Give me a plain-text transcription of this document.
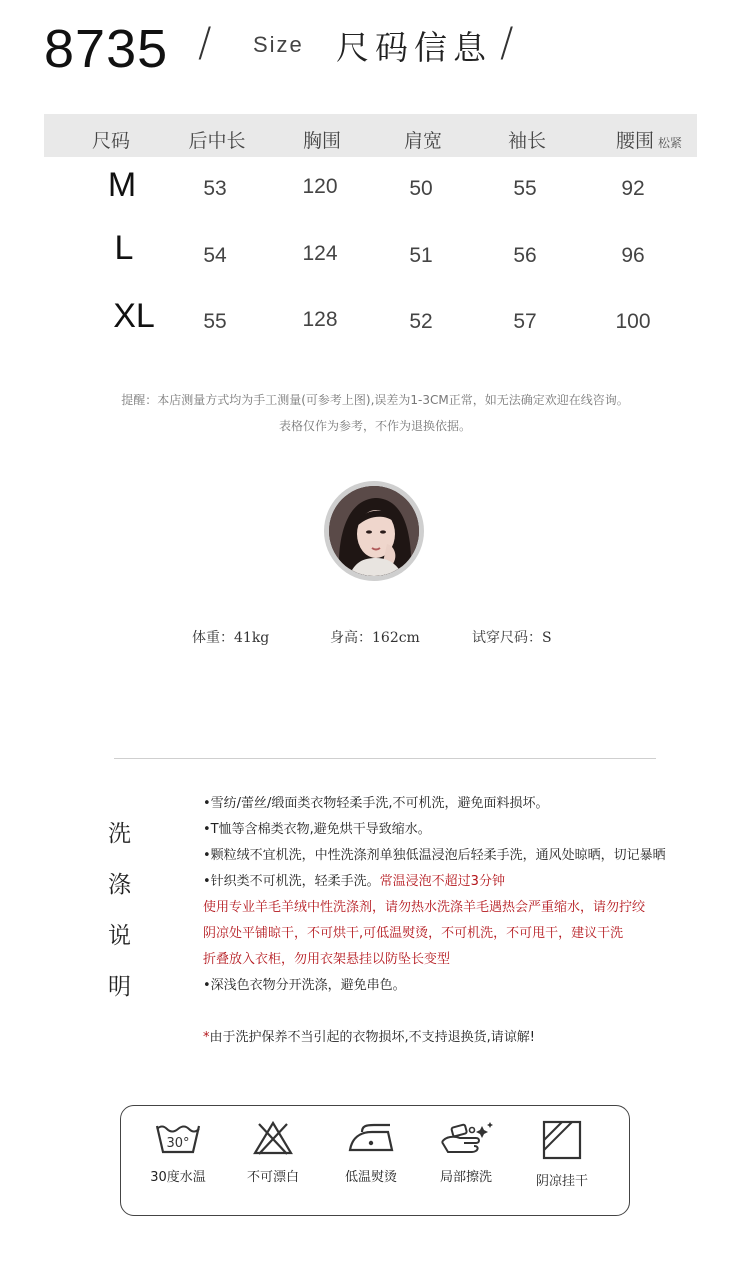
8735 / Size 尺码信息 /
尺码	后中长	胸围	肩宽	袖长	腰围 松紧
M	53	120	50	55	92
L	54	124	51	56	96
XL 55	128	52	57	100
提醒：本店测量方式均为手工测量(可参考上图),误差为1-3CM正常，如无法确定欢迎在线咨询。
表格仅作为参考，不作为退换依据。
体重：41kg	身高：162cm	试穿尺码：S
洗
涤
说
明
•雪纺/蕾丝/缎面类衣物轻柔手洗,不可机洗，避免面料损坏。
•T恤等含棉类衣物,避免烘干导致缩水。
•颗粒绒不宜机洗，中性洗涤剂单独低温浸泡后轻柔手洗，通风处晾晒，切记暴晒
•针织类不可机洗，轻柔手洗。常温浸泡不超过3分钟
使用专业羊毛羊绒中性洗涤剂，请勿热水洗涤羊毛遇热会严重缩水，请勿拧绞
阴凉处平铺晾干，不可烘干,可低温熨烫，不可机洗，不可甩干，建议干洗
折叠放入衣柜，勿用衣架悬挂以防坠长变型
•深浅色衣物分开洗涤，避免串色。
*由于洗护保养不当引起的衣物损坏,不支持退换货,请谅解!
30°
30度水温	不可漂白	低温熨烫	局部擦洗	阴凉挂干
